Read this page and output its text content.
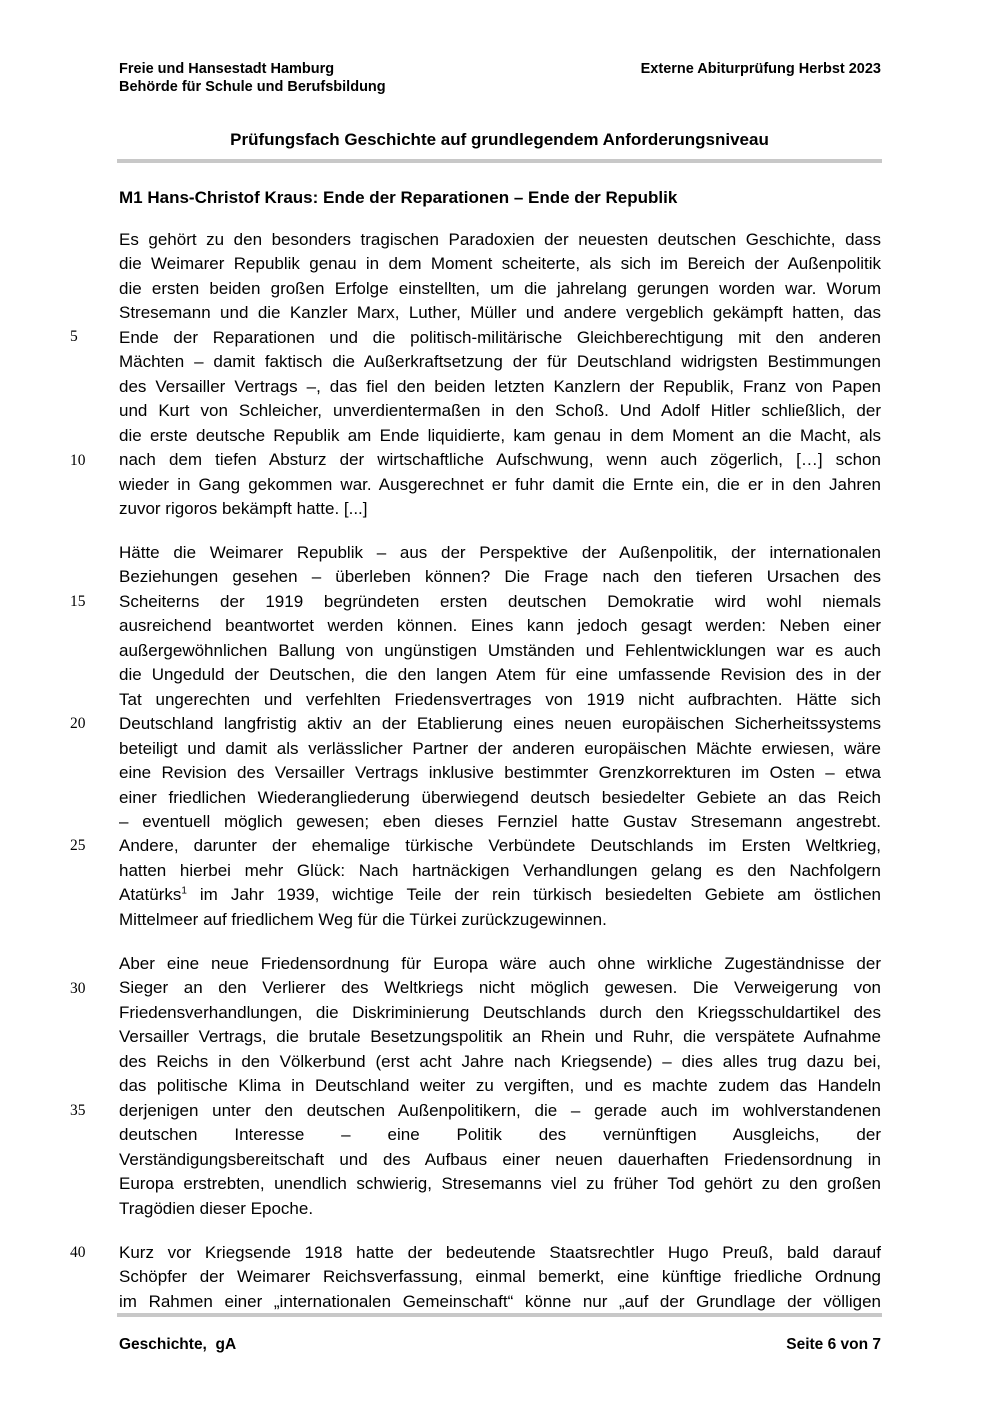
Freie und Hansestadt Hamburg
Behörde für Schule und Berufsbildung
Externe Abiturprüfung Herbst 2023
Prüfungsfach Geschichte auf grundlegendem Anforderungsniveau
M1 Hans-Christof Kraus: Ende der Reparationen – Ende der Republik
5
10
15
20
25
30
35
40
Es gehört zu den besonders tragischen Paradoxien der neuesten deutschen Geschichte, dass
die Weimarer Republik genau in dem Moment scheiterte, als sich im Bereich der Außenpolitik
die ersten beiden großen Erfolge einstellten, um die jahrelang gerungen worden war. Worum
Stresemann und die Kanzler Marx, Luther, Müller und andere vergeblich gekämpft hatten, das
Ende der Reparationen und die politisch-militärische Gleichberechtigung mit den anderen
Mächten – damit faktisch die Außerkraftsetzung der für Deutschland widrigsten Bestimmungen
des Versailler Vertrags –, das fiel den beiden letzten Kanzlern der Republik, Franz von Papen
und Kurt von Schleicher, unverdientermaßen in den Schoß. Und Adolf Hitler schließlich, der
die erste deutsche Republik am Ende liquidierte, kam genau in dem Moment an die Macht, als
nach dem tiefen Absturz der wirtschaftliche Aufschwung, wenn auch zögerlich, […] schon
wieder in Gang gekommen war. Ausgerechnet er fuhr damit die Ernte ein, die er in den Jahren
zuvor rigoros bekämpft hatte. [...]
Hätte die Weimarer Republik – aus der Perspektive der Außenpolitik, der internationalen
Beziehungen gesehen – überleben können? Die Frage nach den tieferen Ursachen des
Scheiterns der 1919 begründeten ersten deutschen Demokratie wird wohl niemals
ausreichend beantwortet werden können. Eines kann jedoch gesagt werden: Neben einer
außergewöhnlichen Ballung von ungünstigen Umständen und Fehlentwicklungen war es auch
die Ungeduld der Deutschen, die den langen Atem für eine umfassende Revision des in der
Tat ungerechten und verfehlten Friedensvertrages von 1919 nicht aufbrachten. Hätte sich
Deutschland langfristig aktiv an der Etablierung eines neuen europäischen Sicherheitssystems
beteiligt und damit als verlässlicher Partner der anderen europäischen Mächte erwiesen, wäre
eine Revision des Versailler Vertrags inklusive bestimmter Grenzkorrekturen im Osten – etwa
einer friedlichen Wiederangliederung überwiegend deutsch besiedelter Gebiete an das Reich
– eventuell möglich gewesen; eben dieses Fernziel hatte Gustav Stresemann angestrebt.
Andere, darunter der ehemalige türkische Verbündete Deutschlands im Ersten Weltkrieg,
hatten hierbei mehr Glück: Nach hartnäckigen Verhandlungen gelang es den Nachfolgern
Atatürks$^1$ im Jahr 1939, wichtige Teile der rein türkisch besiedelten Gebiete am östlichen
Mittelmeer auf friedlichem Weg für die Türkei zurückzugewinnen.
Aber eine neue Friedensordnung für Europa wäre auch ohne wirkliche Zugeständnisse der
Sieger an den Verlierer des Weltkriegs nicht möglich gewesen. Die Verweigerung von
Friedensverhandlungen, die Diskriminierung Deutschlands durch den Kriegsschuldartikel des
Versailler Vertrags, die brutale Besetzungspolitik an Rhein und Ruhr, die verspätete Aufnahme
des Reichs in den Völkerbund (erst acht Jahre nach Kriegsende) – dies alles trug dazu bei,
das politische Klima in Deutschland weiter zu vergiften, und es machte zudem das Handeln
derjenigen unter den deutschen Außenpolitikern, die – gerade auch im wohlverstandenen
deutschen Interesse – eine Politik des vernünftigen Ausgleichs, der
Verständigungsbereitschaft und des Aufbaus einer neuen dauerhaften Friedensordnung in
Europa erstrebten, unendlich schwierig, Stresemanns viel zu früher Tod gehört zu den großen
Tragödien dieser Epoche.
Kurz vor Kriegsende 1918 hatte der bedeutende Staatsrechtler Hugo Preuß, bald darauf
Schöpfer der Weimarer Reichsverfassung, einmal bemerkt, eine künftige friedliche Ordnung
im Rahmen einer „internationalen Gemeinschaft“ könne nur „auf der Grundlage der völligen
Geschichte,  gA	Seite 6 von 7
